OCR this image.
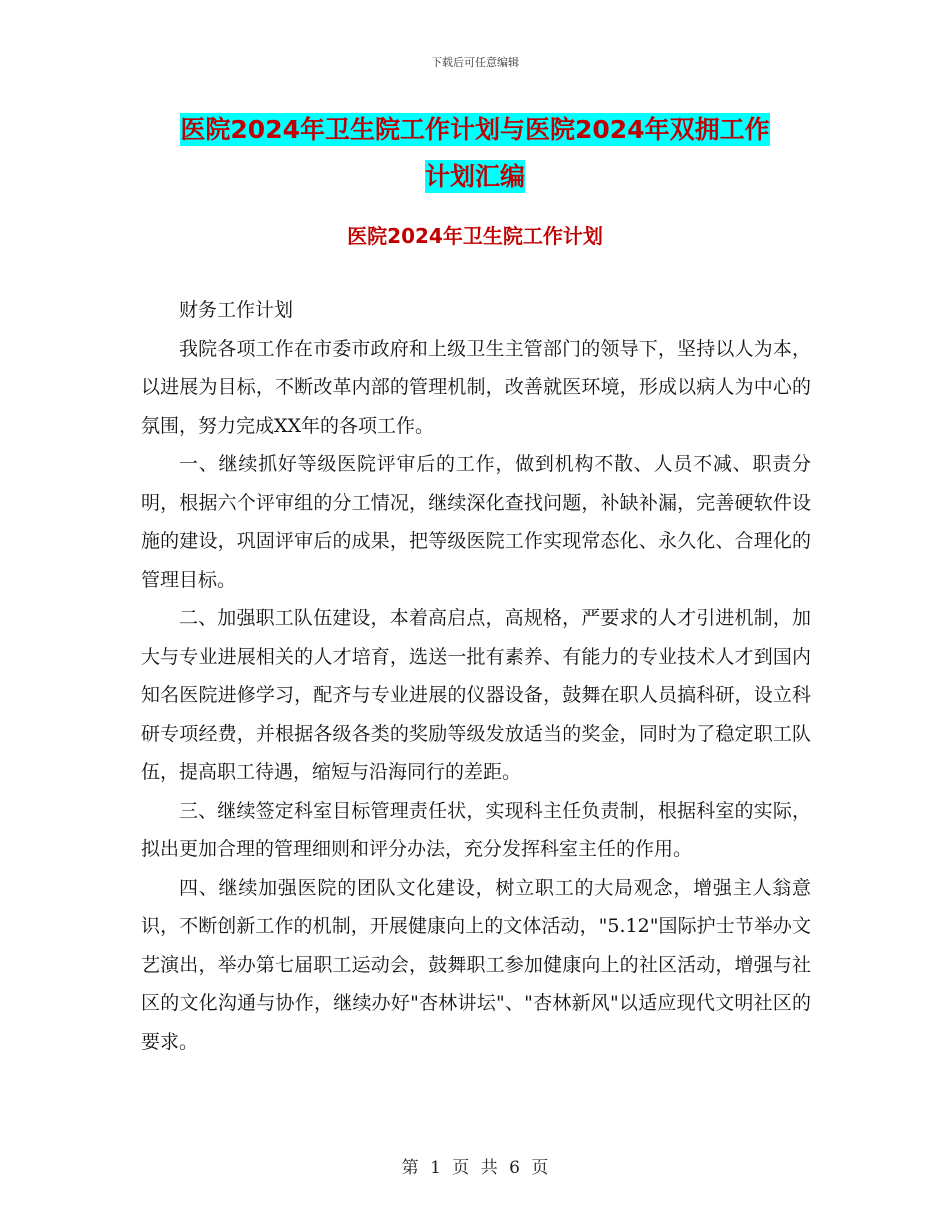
下载后可任意编辑
医院2024年卫生院工作计划与医院2024年双拥工作
计划汇编
医院2024年卫生院工作计划

财务工作计划

我院各项工作在市委市政府和上级卫生主管部门的领导下，坚持以人为本，以进展为目标，不断改革内部的管理机制，改善就医环境，形成以病人为中心的氛围，努力完成XX年的各项工作。

一、继续抓好等级医院评审后的工作，做到机构不散、人员不减、职责分明，根据六个评审组的分工情况，继续深化查找问题，补缺补漏，完善硬软件设施的建设，巩固评审后的成果，把等级医院工作实现常态化、永久化、合理化的管理目标。

二、加强职工队伍建设，本着高启点，高规格，严要求的人才引进机制，加大与专业进展相关的人才培育，选送一批有素养、有能力的专业技术人才到国内知名医院进修学习，配齐与专业进展的仪器设备，鼓舞在职人员搞科研，设立科研专项经费，并根据各级各类的奖励等级发放适当的奖金，同时为了稳定职工队伍，提高职工待遇，缩短与沿海同行的差距。

三、继续签定科室目标管理责任状，实现科主任负责制，根据科室的实际，拟出更加合理的管理细则和评分办法，充分发挥科室主任的作用。

四、继续加强医院的团队文化建设，树立职工的大局观念，增强主人翁意识，不断创新工作的机制，开展健康向上的文体活动，"5.12"国际护士节举办文艺演出，举办第七届职工运动会，鼓舞职工参加健康向上的社区活动，增强与社区的文化沟通与协作，继续办好"杏林讲坛"、"杏林新风"以适应现代文明社区的要求。

第 1 页 共 6 页
